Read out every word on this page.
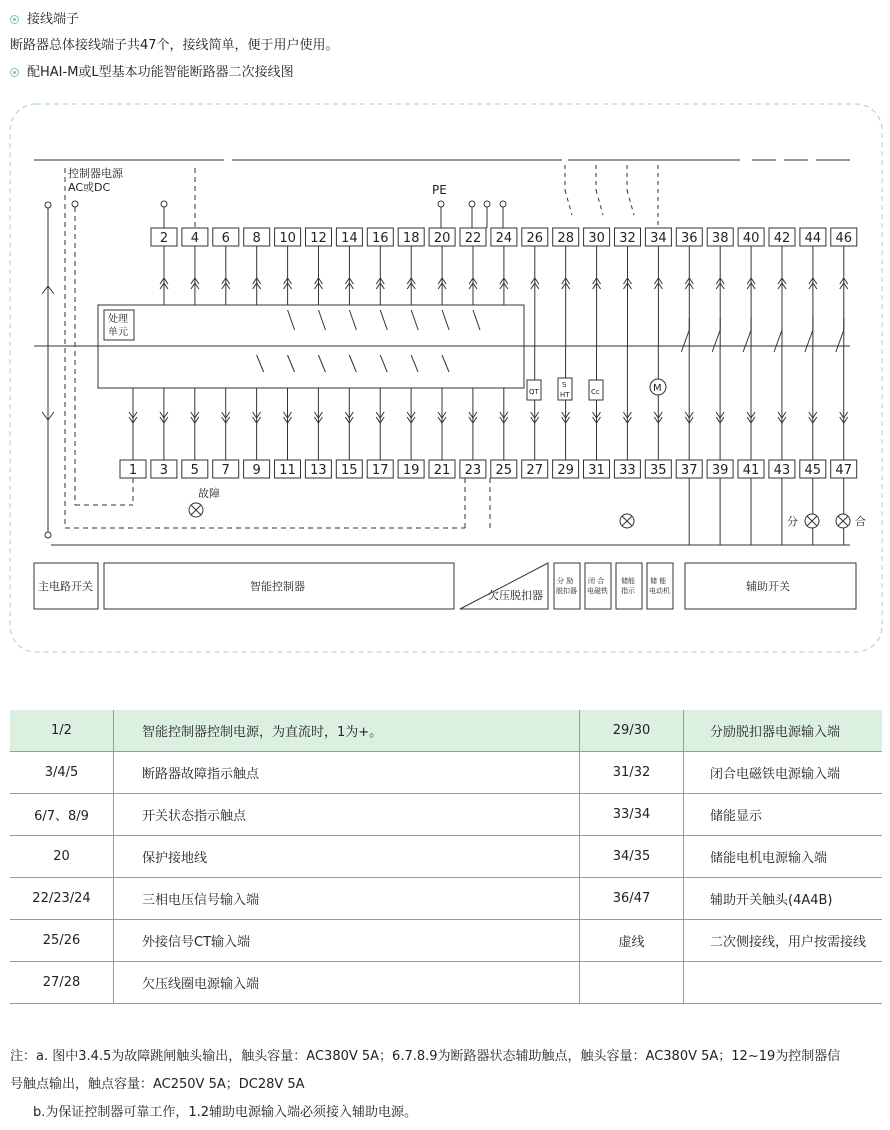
接线端子
断路器总体接线端子共47个，接线简单，便于用户使用。
配HAI-M或L型基本功能智能断路器二次接线图
控制器电源
AC或DC	PE
处理
单元
2 4 6 8 10 12 14 16 18 20 22 24 26 28 30 32 34 36 38 40 42 44 46
1 3 5 7 9 11 13 15 17 19 21 23 25 27 29 31 33 35 37 39 41 43 45 47
QT
S
HT	Cc	M
故障
分	合
主电路开关	智能控制器
欠压脱扣器
分 励
脱扣器
闭 合
电磁铁
储能
指示
储 能
电动机	辅助开关
1/2	智能控制器控制电源，为直流时，1为+。	29/30	分励脱扣器电源输入端
3/4/5	断路器故障指示触点	31/32	闭合电磁铁电源输入端
6/7、8/9	开关状态指示触点	33/34	储能显示
20	保护接地线	34/35	储能电机电源输入端
22/23/24	三相电压信号输入端	36/47	辅助开关触头(4A4B)
25/26	外接信号CT输入端	虚线	二次侧接线，用户按需接线
27/28	欠压线圈电源输入端		
注：a. 图中3.4.5为故障跳闸触头输出，触头容量：AC380V 5A；6.7.8.9为断路器状态辅助触点，触头容量：AC380V 5A；12~19为控制器信
号触点输出，触点容量：AC250V 5A；DC28V 5A
b.为保证控制器可靠工作，1.2辅助电源输入端必须接入辅助电源。
